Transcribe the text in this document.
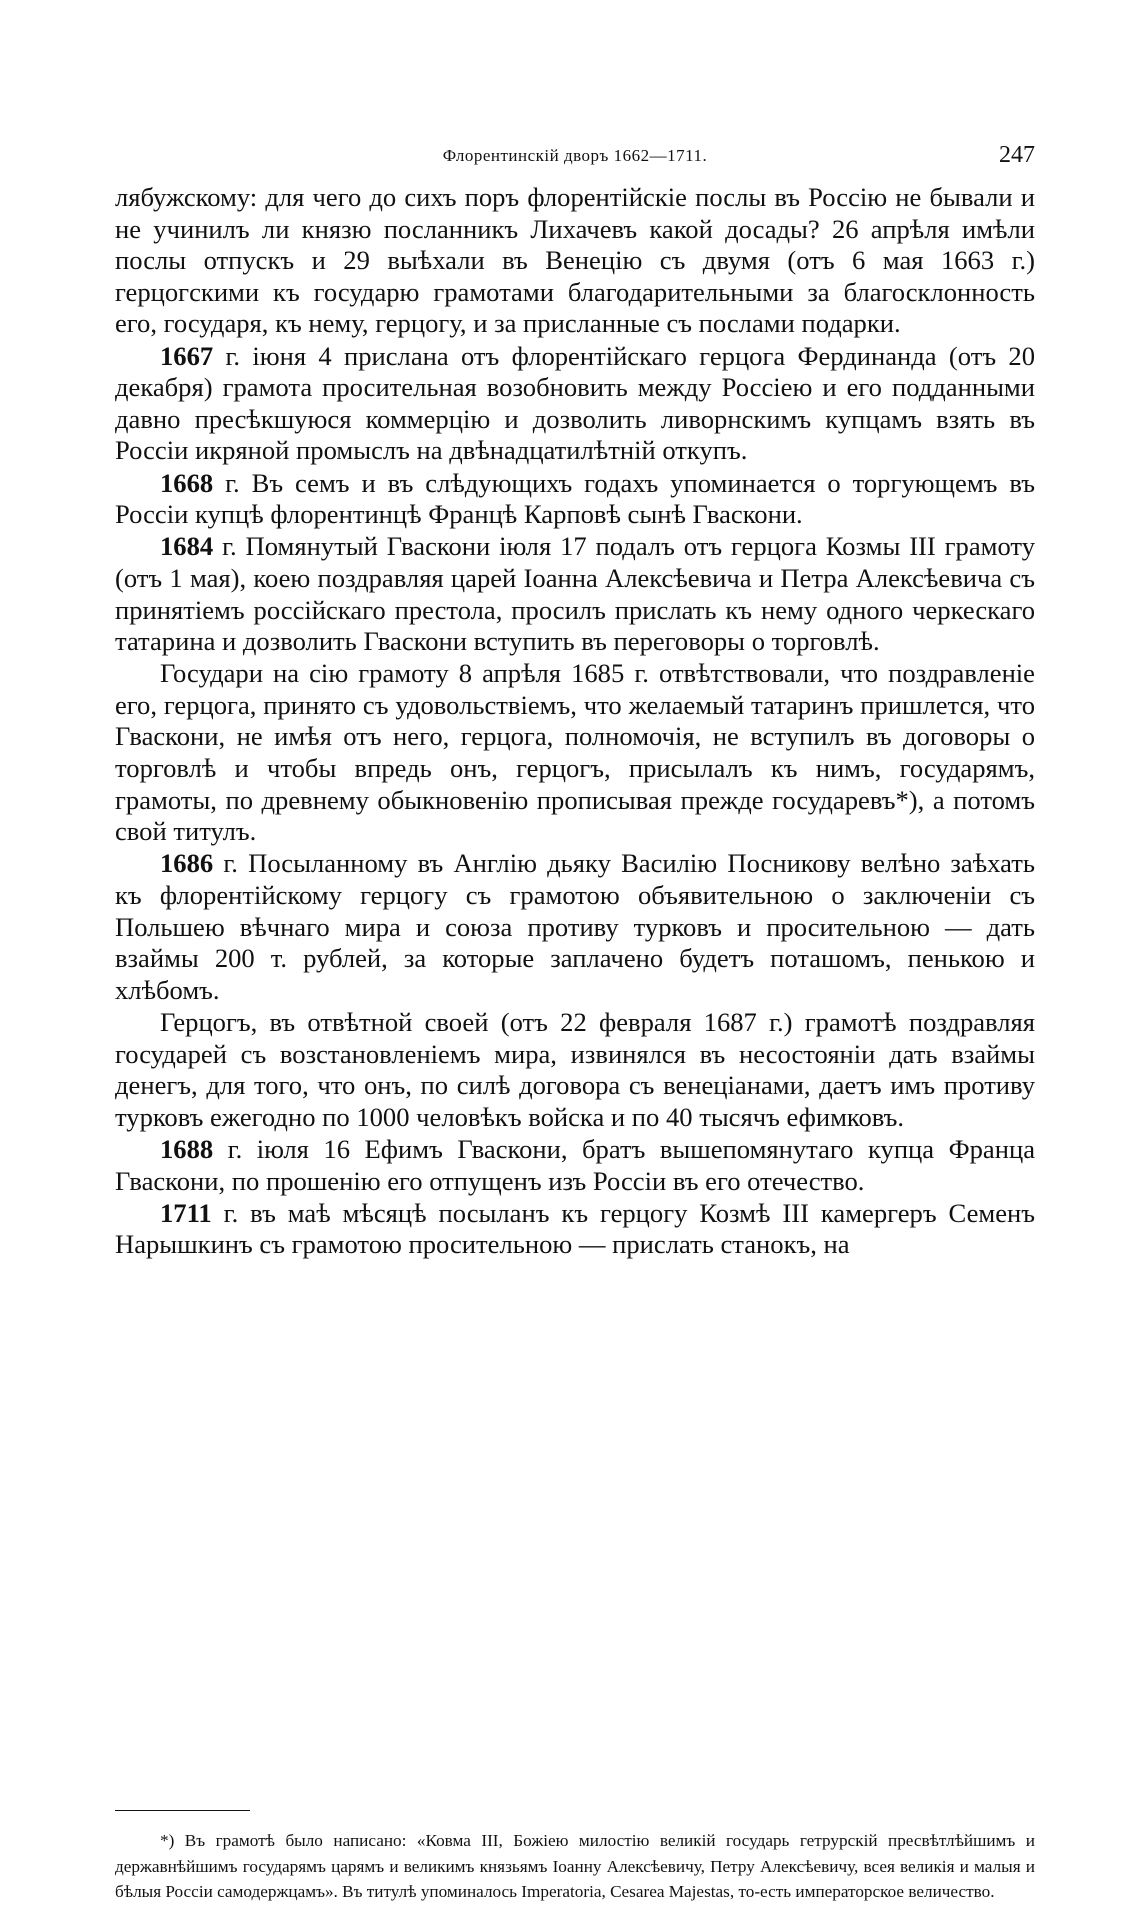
Флорентинскій дворъ 1662—1711.	247

лябужскому: для чего до сихъ поръ флорентійскіе послы въ Россію не бывали и не учинилъ ли князю посланникъ Лихачевъ какой досады? 26 апрѣля имѣли послы отпускъ и 29 выѣхали въ Венецію съ двумя (отъ 6 мая 1663 г.) герцогскими къ государю грамотами благодарительными за благосклонность его, государя, къ нему, герцогу, и за присланные съ послами подарки.

1667 г. іюня 4 прислана отъ флорентійскаго герцога Фердинанда (отъ 20 декабря) грамота просительная возобновить между Россіею и его подданными давно пресѣкшуюся коммерцію и дозволить ливорнскимъ купцамъ взять въ Россіи икряной промыслъ на двѣнадцатилѣтній откупъ.

1668 г. Въ семъ и въ слѣдующихъ годахъ упоминается о торгующемъ въ Россіи купцѣ флорентинцѣ Францѣ Карповѣ сынѣ Гваскони.

1684 г. Помянутый Гваскони іюля 17 подалъ отъ герцога Козмы III грамоту (отъ 1 мая), коею поздравляя царей Іоанна Алексѣевича и Петра Алексѣевича съ принятіемъ россійскаго престола, просилъ прислать къ нему одного черкескаго татарина и дозволить Гваскони вступить въ переговоры о торговлѣ.

Государи на сію грамоту 8 апрѣля 1685 г. отвѣтствовали, что поздравленіе его, герцога, принято съ удовольствіемъ, что желаемый татаринъ пришлется, что Гваскони, не имѣя отъ него, герцога, полномочія, не вступилъ въ договоры о торговлѣ и чтобы впредь онъ, герцогъ, присылалъ къ нимъ, государямъ, грамоты, по древнему обыкновенію прописывая прежде государевъ*), а потомъ свой титулъ.

1686 г. Посыланному въ Англію дьяку Василію Посникову велѣно заѣхать къ флорентійскому герцогу съ грамотою объявительною о заключеніи съ Польшею вѣчнаго мира и союза противу турковъ и просительною — дать взаймы 200 т. рублей, за которые заплачено будетъ поташомъ, пенькою и хлѣбомъ.

Герцогъ, въ отвѣтной своей (отъ 22 февраля 1687 г.) грамотѣ поздравляя государей съ возстановленіемъ мира, извинялся въ несостояніи дать взаймы денегъ, для того, что онъ, по силѣ договора съ венеціанами, даетъ имъ противу турковъ ежегодно по 1000 человѣкъ войска и по 40 тысячъ ефимковъ.

1688 г. іюля 16 Ефимъ Гваскони, братъ вышепомянутаго купца Франца Гваскони, по прошенію его отпущенъ изъ Россіи въ его отечество.

1711 г. въ маѣ мѣсяцѣ посыланъ къ герцогу Козмѣ III камергеръ Семенъ Нарышкинъ съ грамотою просительною — прислать станокъ, на

*) Въ грамотѣ было написано: «Ковма III, Божіею милостію великій государь гетрурскій пресвѣтлѣйшимъ и державнѣйшимъ государямъ царямъ и великимъ князьямъ Іоанну Алексѣевичу, Петру Алексѣевичу, всея великія и малыя и бѣлыя Россіи самодержцамъ». Въ титулѣ упоминалось Imperatoria, Cesarea Majestas, то-есть императорское величество.
